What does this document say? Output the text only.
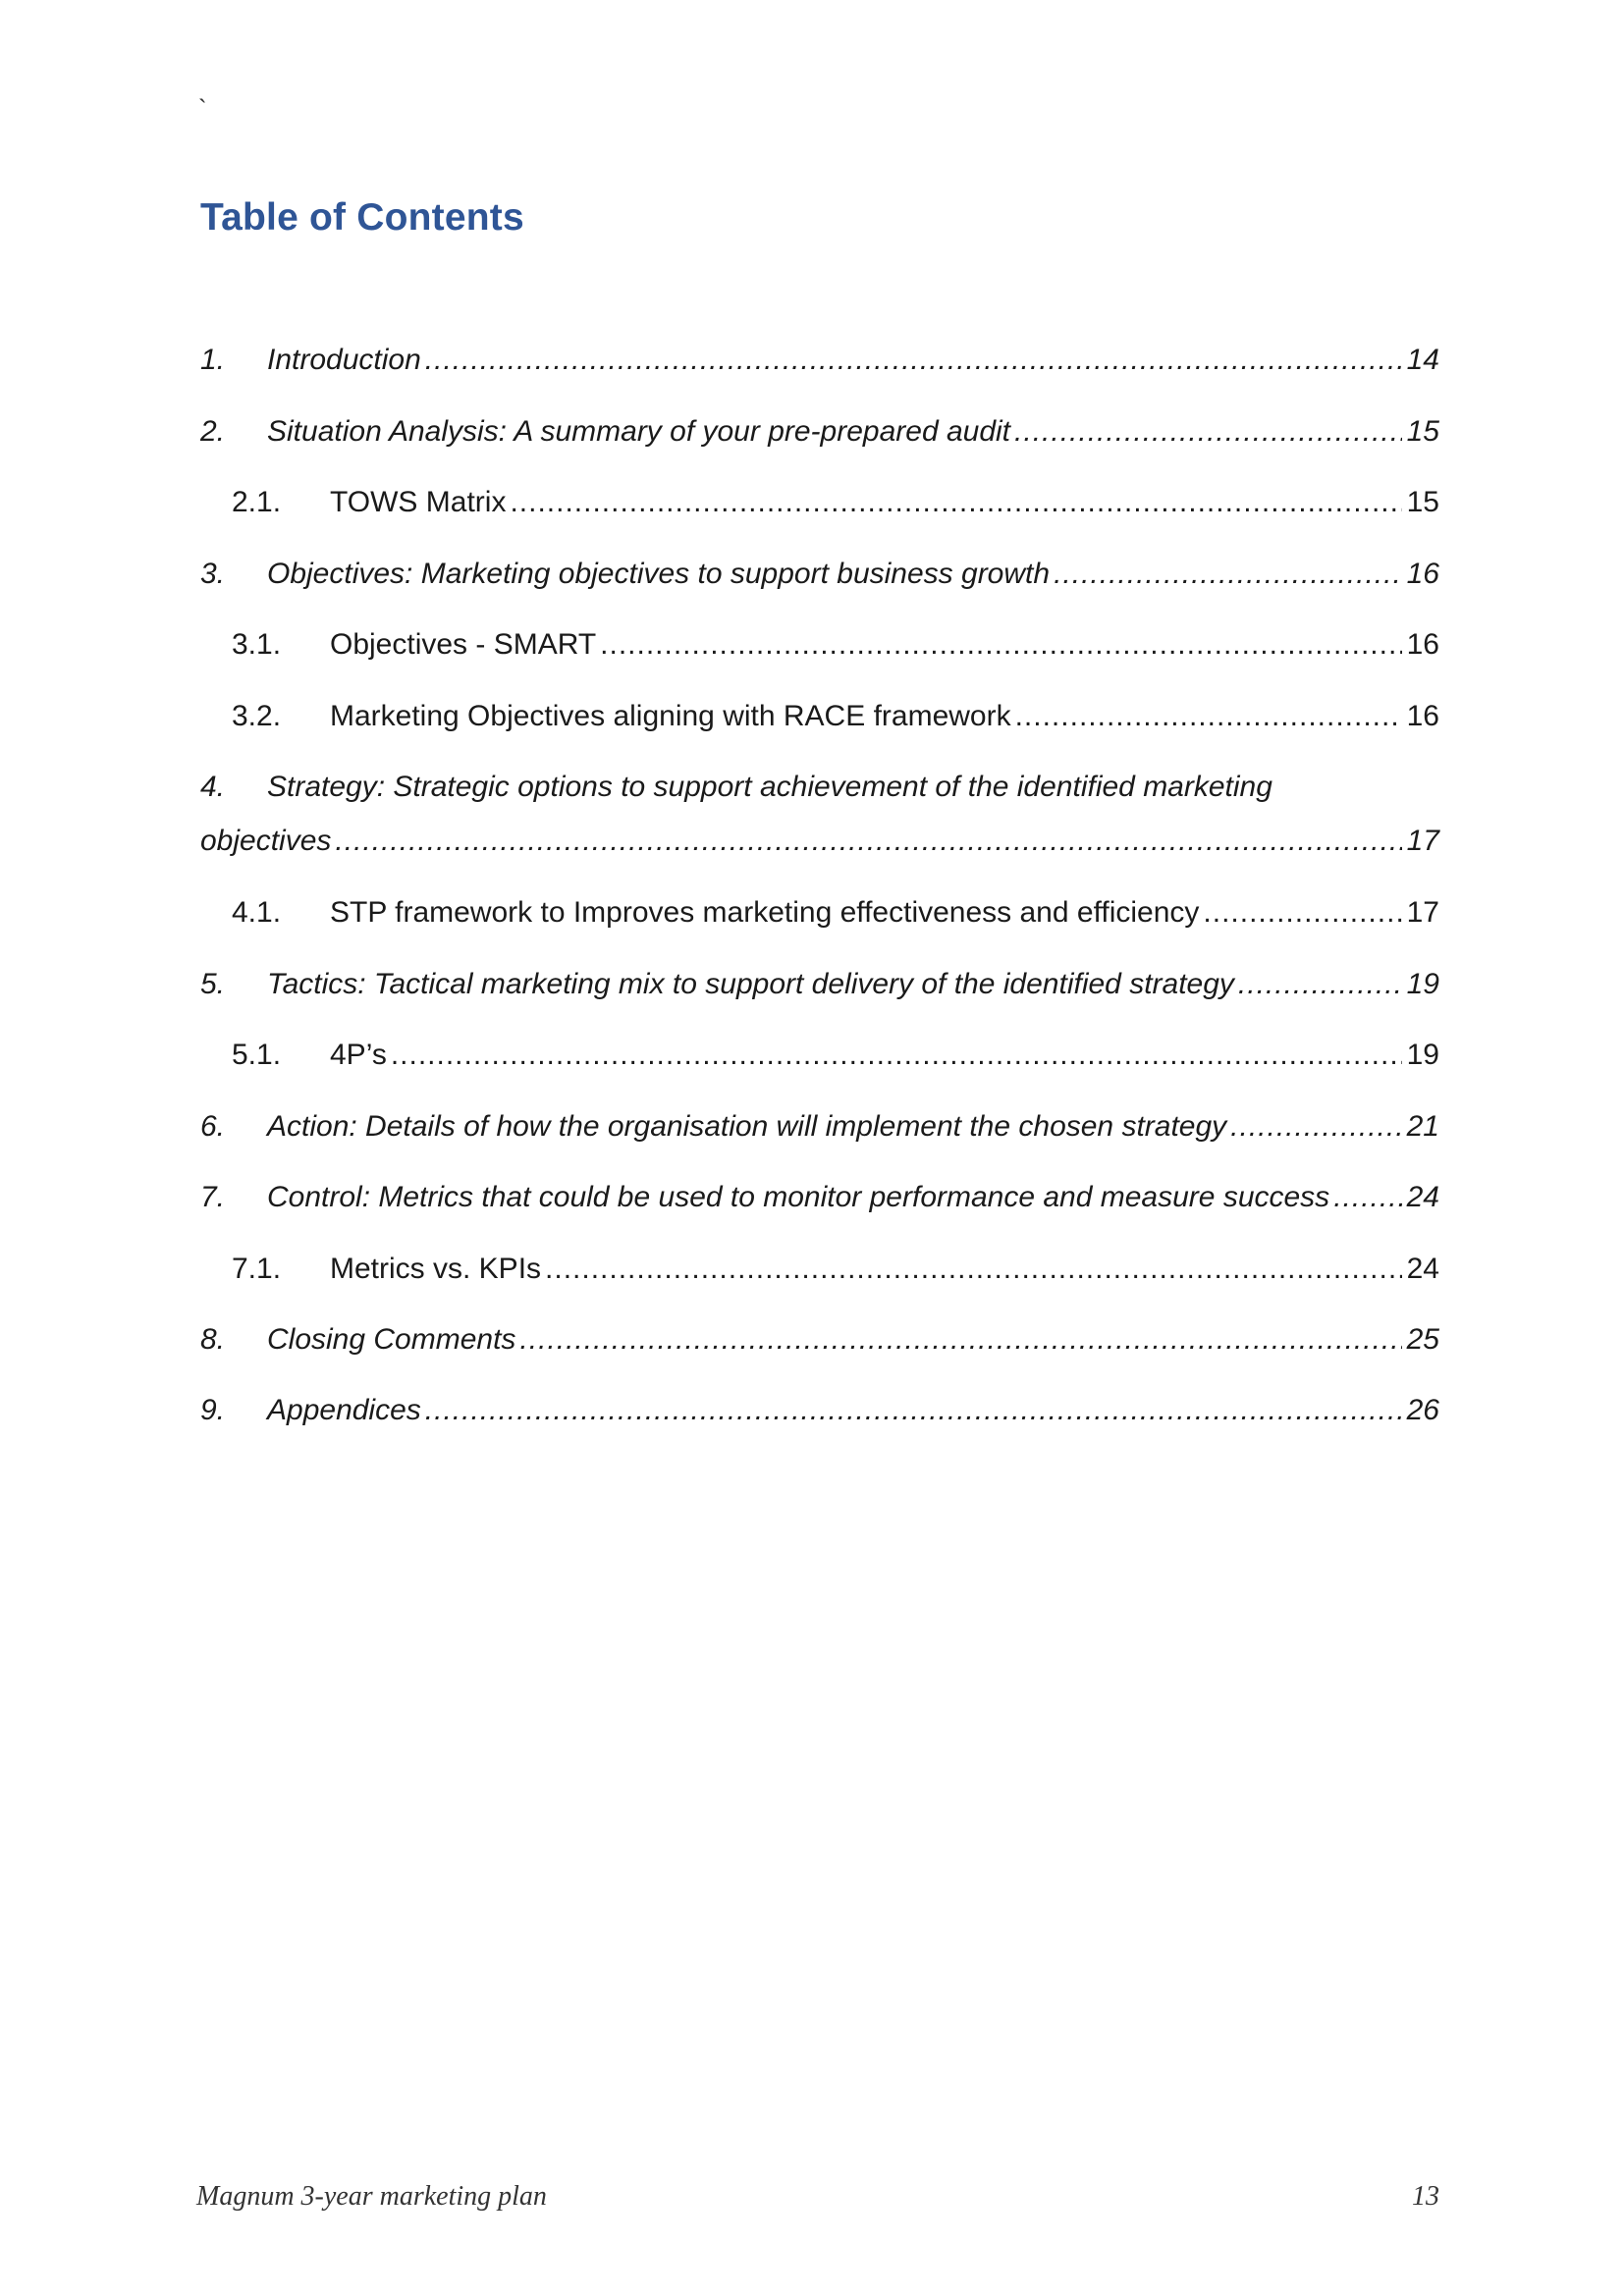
`
Table of Contents
1.	Introduction .....	14
2.	Situation Analysis: A summary of your pre-prepared audit .....	15
2.1.	TOWS Matrix .....	15
3.	Objectives: Marketing objectives to support business growth .....	16
3.1.	Objectives - SMART .....	16
3.2.	Marketing Objectives aligning with RACE framework .....	16
4. Strategy: Strategic options to support achievement of the identified marketing
objectives .....	17
4.1.	STP framework to Improves marketing effectiveness and efficiency .....	17
5.	Tactics: Tactical marketing mix to support delivery of the identified strategy .....	19
5.1.	4P’s .....	19
6.	Action: Details of how the organisation will implement the chosen strategy .....	21
7.	Control: Metrics that could be used to monitor performance and measure success .....	24
7.1.	Metrics vs. KPIs .....	24
8.	Closing Comments .....	25
9.	Appendices .....	26
Magnum 3-year marketing plan	13
